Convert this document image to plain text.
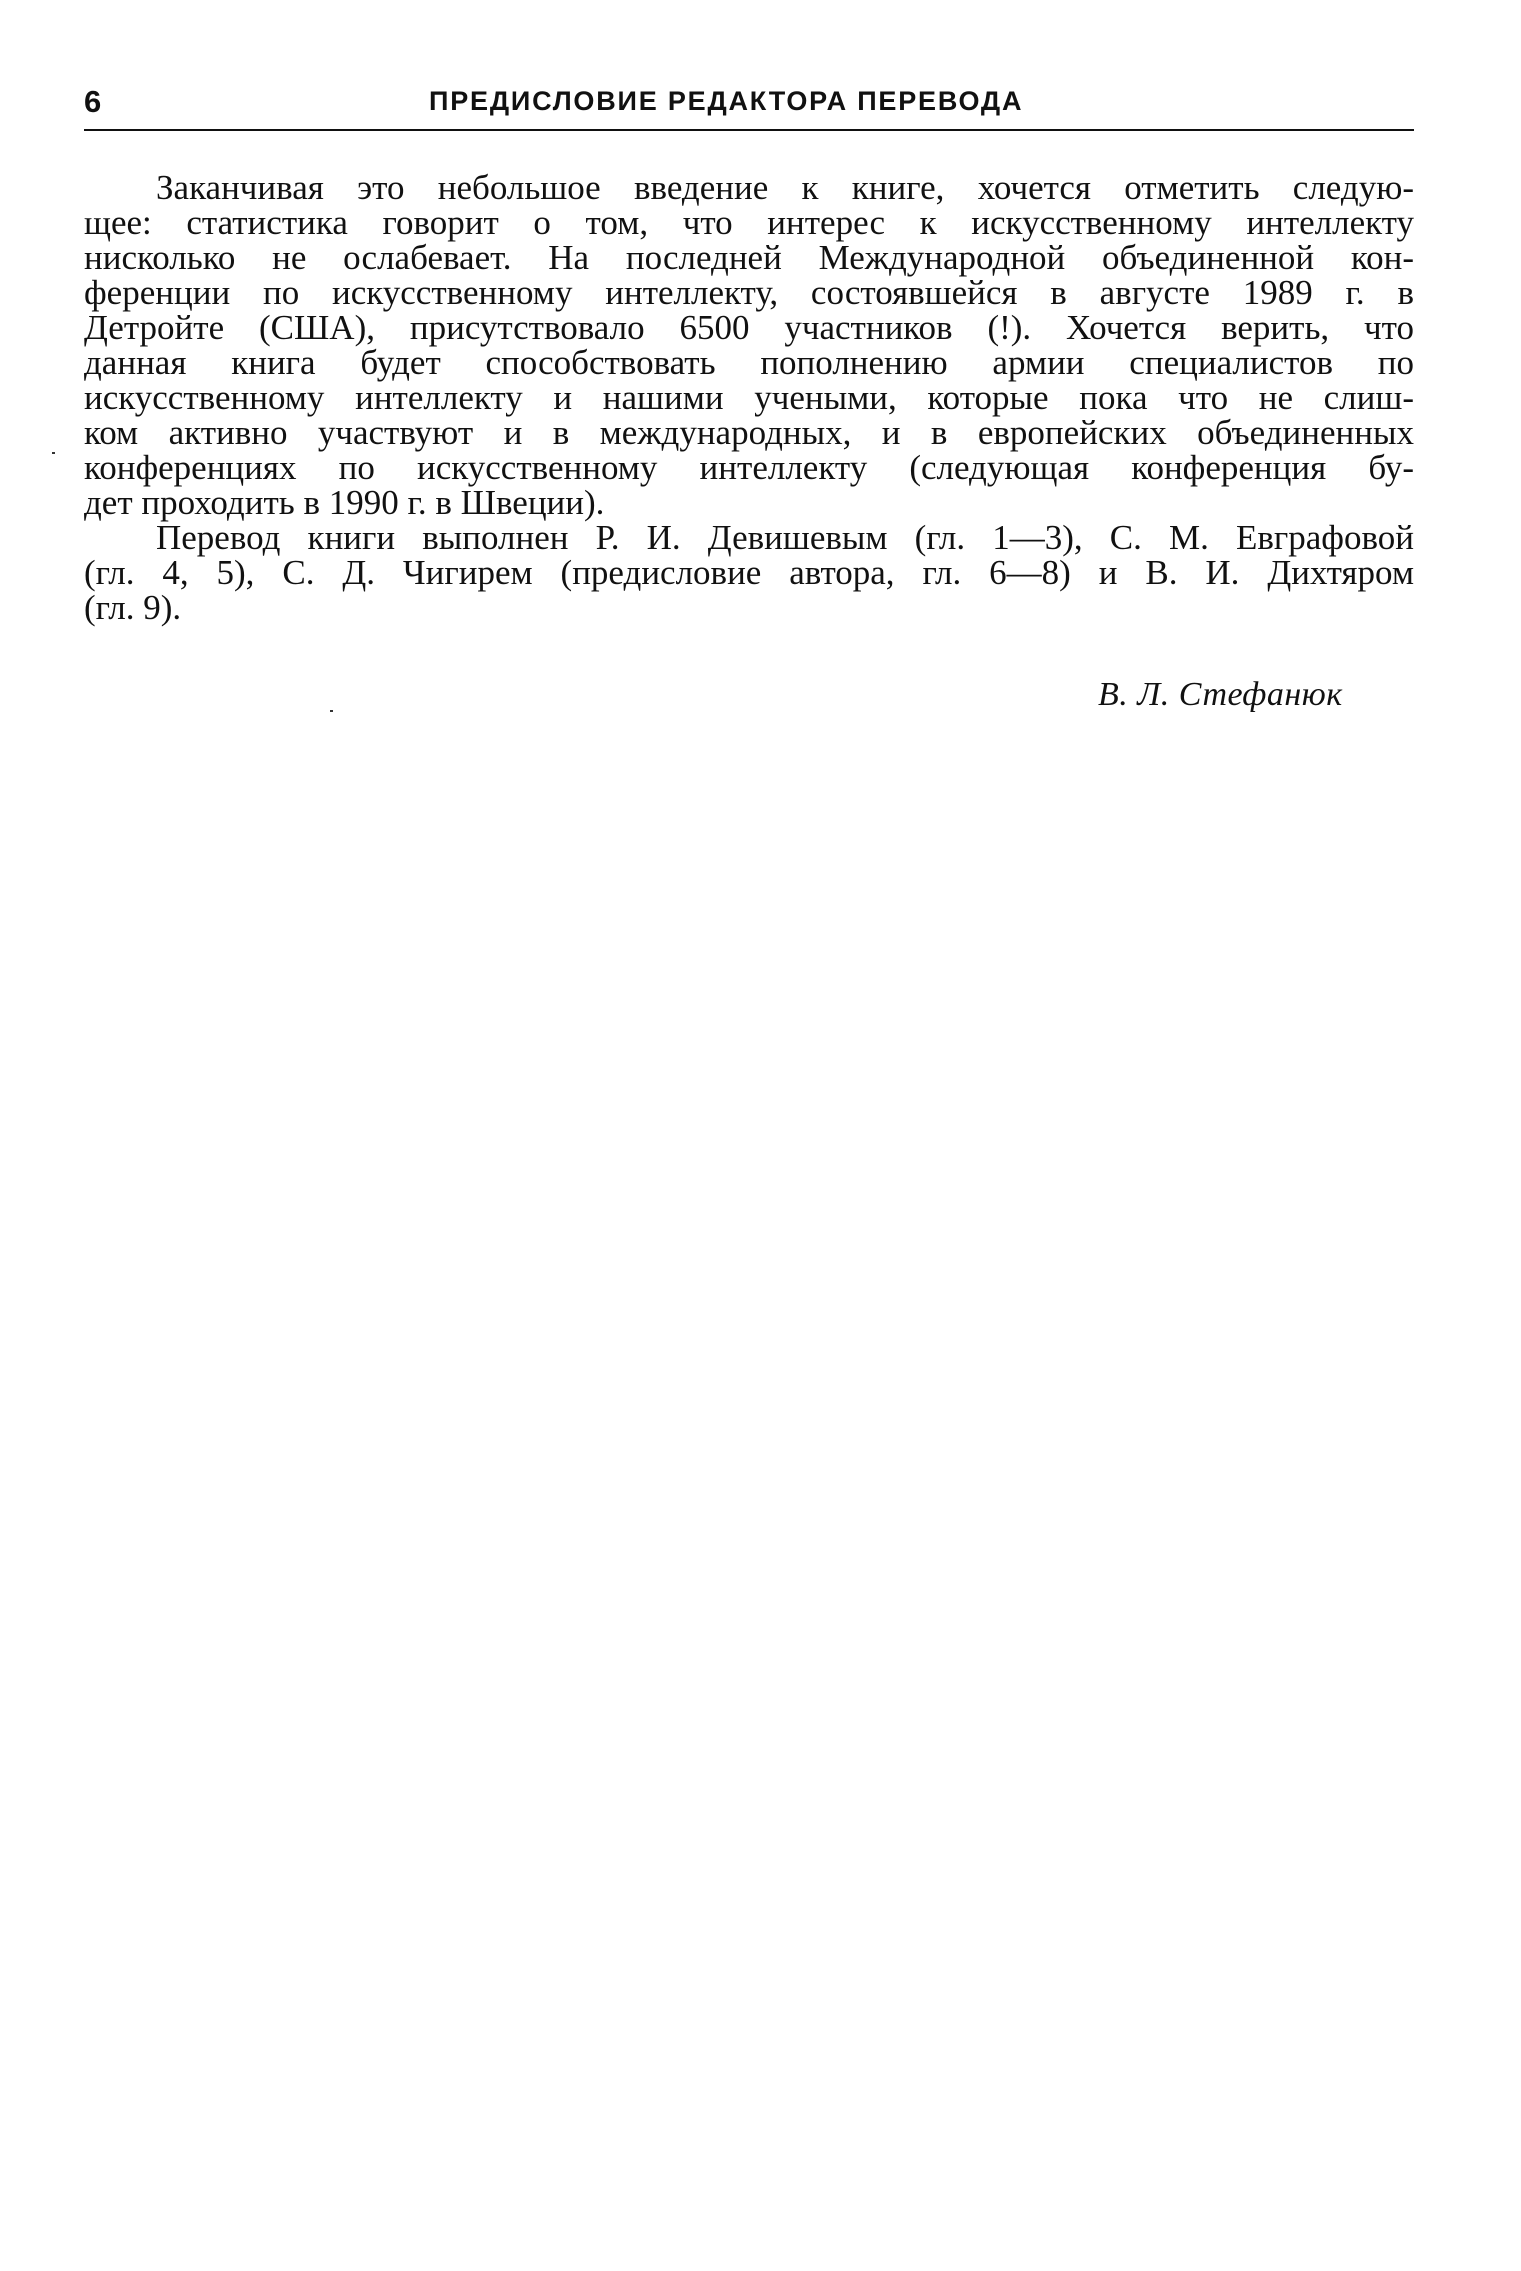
6	ПРЕДИСЛОВИЕ РЕДАКТОРА ПЕРЕВОДА
Заканчивая это небольшое введение к книге, хочется отметить следую-
щее: статистика говорит о том, что интерес к искусственному интеллекту
нисколько не ослабевает. На последней Международной объединенной кон-
ференции по искусственному интеллекту, состоявшейся в августе 1989 г. в
Детройте (США), присутствовало 6500 участников (!). Хочется верить, что
данная книга будет способствовать пополнению армии специалистов по
искусственному интеллекту и нашими учеными, которые пока что не слиш-
ком активно участвуют и в международных, и в европейских объединенных
конференциях по искусственному интеллекту (следующая конференция бу-
дет проходить в 1990 г. в Швеции).
Перевод книги выполнен Р. И. Девишевым (гл. 1—3), С. М. Евграфовой
(гл. 4, 5), С. Д. Чигирем (предисловие автора, гл. 6—8) и В. И. Дихтяром
(гл. 9).
В. Л. Стефанюк
